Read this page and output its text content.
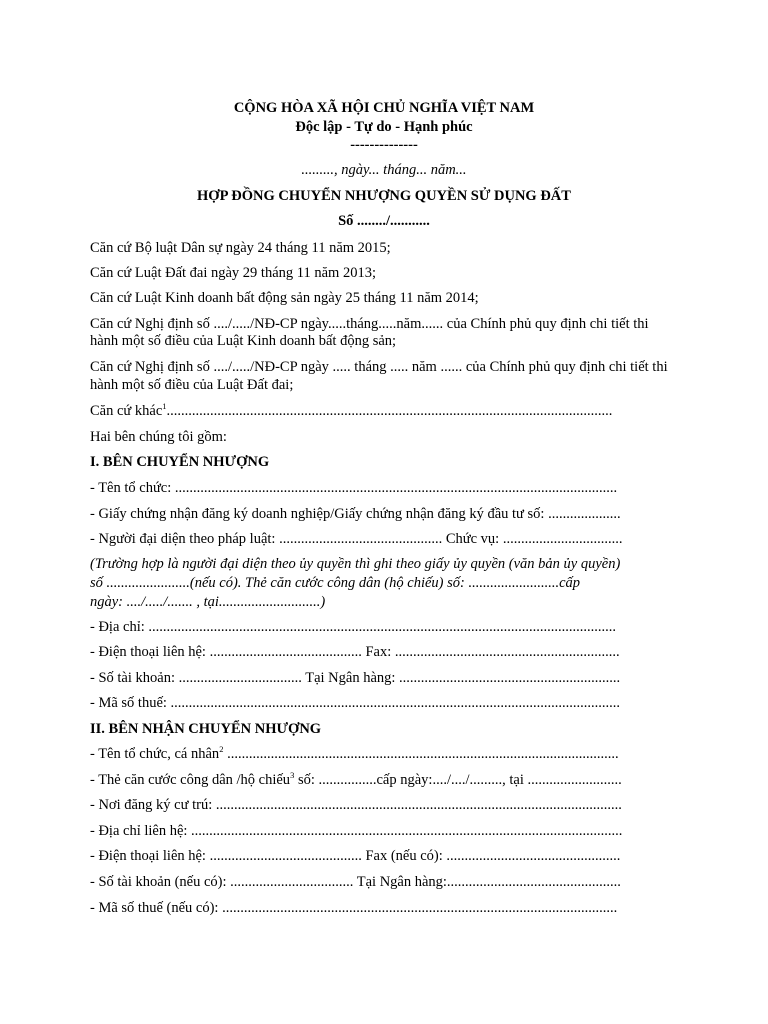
CỘNG HÒA XÃ HỘI CHỦ NGHĨA VIỆT NAM
Độc lập - Tự do - Hạnh phúc
--------------
........., ngày... tháng... năm...
HỢP ĐỒNG CHUYỂN NHƯỢNG QUYỀN SỬ DỤNG ĐẤT
Số ......../...........
Căn cứ Bộ luật Dân sự ngày 24 tháng 11 năm 2015;
Căn cứ Luật Đất đai ngày 29 tháng 11 năm 2013;
Căn cứ Luật Kinh doanh bất động sản ngày 25 tháng 11 năm 2014;
Căn cứ Nghị định số ..../...../NĐ-CP ngày.....tháng.....năm...... của Chính phủ quy định chi tiết thi
hành một số điều của Luật Kinh doanh bất động sản;
Căn cứ Nghị định số ..../...../NĐ-CP ngày ..... tháng ..... năm ...... của Chính phủ quy định chi tiết thi
hành một số điều của Luật Đất đai;
Căn cứ khác$^1$...........................................................................................................................
Hai bên chúng tôi gồm:
I. BÊN CHUYỂN NHƯỢNG
- Tên tổ chức: ..........................................................................................................................
- Giấy chứng nhận đăng ký doanh nghiệp/Giấy chứng nhận đăng ký đầu tư số: ....................
- Người đại diện theo pháp luật: ............................................. Chức vụ: .................................
(Trường hợp là người đại diện theo ủy quyền thì ghi theo giấy ủy quyền (văn bản ủy quyền)
số .......................(nếu có). Thẻ căn cước công dân (hộ chiếu) số: .........................cấp
ngày: ..../...../....... , tại............................)
- Địa chỉ: .................................................................................................................................
- Điện thoại liên hệ: .......................................... Fax: ..............................................................
- Số tài khoản: .................................. Tại Ngân hàng: .............................................................
- Mã số thuế: ............................................................................................................................
II. BÊN NHẬN CHUYỂN NHƯỢNG
- Tên tổ chức, cá nhân$^2$ ............................................................................................................
- Thẻ căn cước công dân /hộ chiếu$^3$ số: ................cấp ngày:..../..../........., tại ..........................
- Nơi đăng ký cư trú: ................................................................................................................
- Địa chỉ liên hệ: .......................................................................................................................
- Điện thoại liên hệ: .......................................... Fax (nếu có): ................................................
- Số tài khoản (nếu có): .................................. Tại Ngân hàng:................................................
- Mã số thuế (nếu có): .............................................................................................................
